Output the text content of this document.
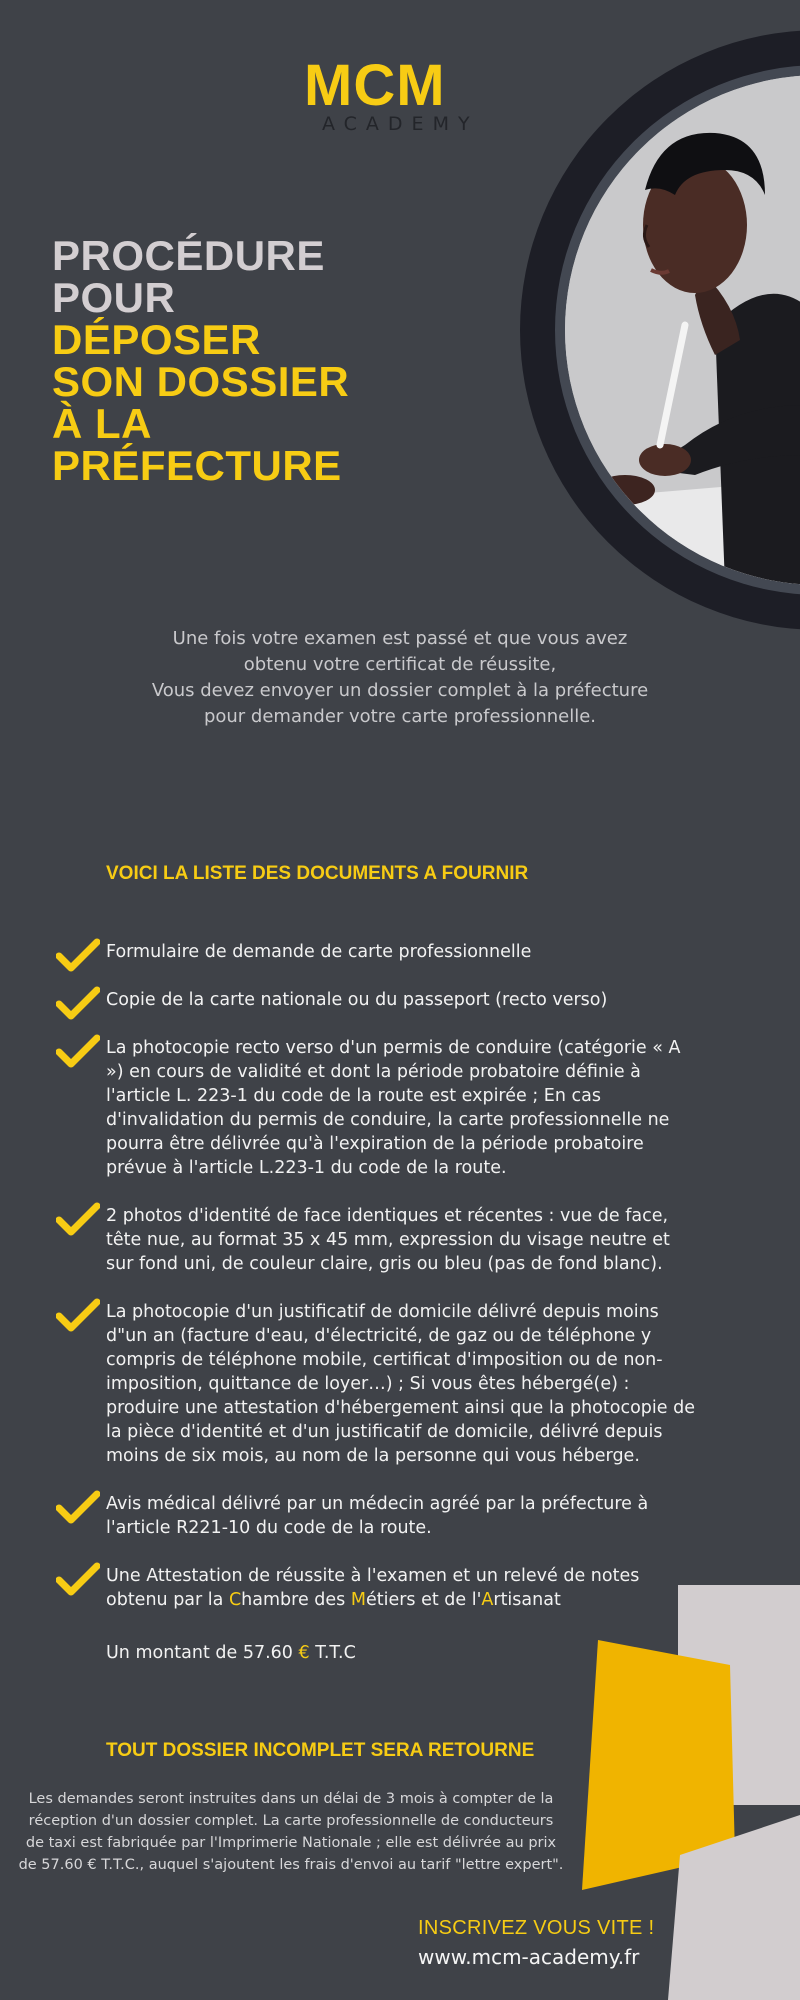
MCM
ACADEMY
PROCÉDURE
POUR
DÉPOSER
SON DOSSIER
À LA
PRÉFECTURE

Une fois votre examen est passé et que vous avez obtenu votre certificat de réussite,

Vous devez envoyer un dossier complet à la préfecture pour demander votre carte professionnelle.

VOICI LA LISTE DES DOCUMENTS A FOURNIR
Formulaire de demande de carte professionnelle
Copie de la carte nationale ou du passeport (recto verso)
La photocopie recto verso d'un permis de conduire (catégorie « A ») en cours de validité et dont la période probatoire définie à l'article L. 223-1 du code de la route est expirée ; En cas d'invalidation du permis de conduire, la carte professionnelle ne pourra être délivrée qu'à l'expiration de la période probatoire prévue à l'article L.223-1 du code de la route.
2 photos d'identité de face identiques et récentes : vue de face, tête nue, au format 35 x 45 mm, expression du visage neutre et sur fond uni, de couleur claire, gris ou bleu (pas de fond blanc).
La photocopie d'un justificatif de domicile délivré depuis moins d"un an (facture d'eau, d'électricité, de gaz ou de téléphone y compris de téléphone mobile, certificat d'imposition ou de non-imposition, quittance de loyer…) ; Si vous êtes hébergé(e) : produire une attestation d'hébergement ainsi que la photocopie de la pièce d'identité et d'un justificatif de domicile, délivré depuis moins de six mois, au nom de la personne qui vous héberge.
Avis médical délivré par un médecin agréé par la préfecture à l'article R221-10 du code de la route.
Une Attestation de réussite à l'examen et un relevé de notes obtenu par la Chambre des Métiers et de l'Artisanat
Un montant de 57.60 € T.T.C
TOUT DOSSIER INCOMPLET SERA RETOURNE
Les demandes seront instruites dans un délai de 3 mois à compter de la réception d'un dossier complet. La carte professionnelle de conducteurs de taxi est fabriquée par l'Imprimerie Nationale ; elle est délivrée au prix de 57.60 € T.T.C., auquel s'ajoutent les frais d'envoi au tarif "lettre expert".
INSCRIVEZ VOUS VITE !
www.mcm-academy.fr
